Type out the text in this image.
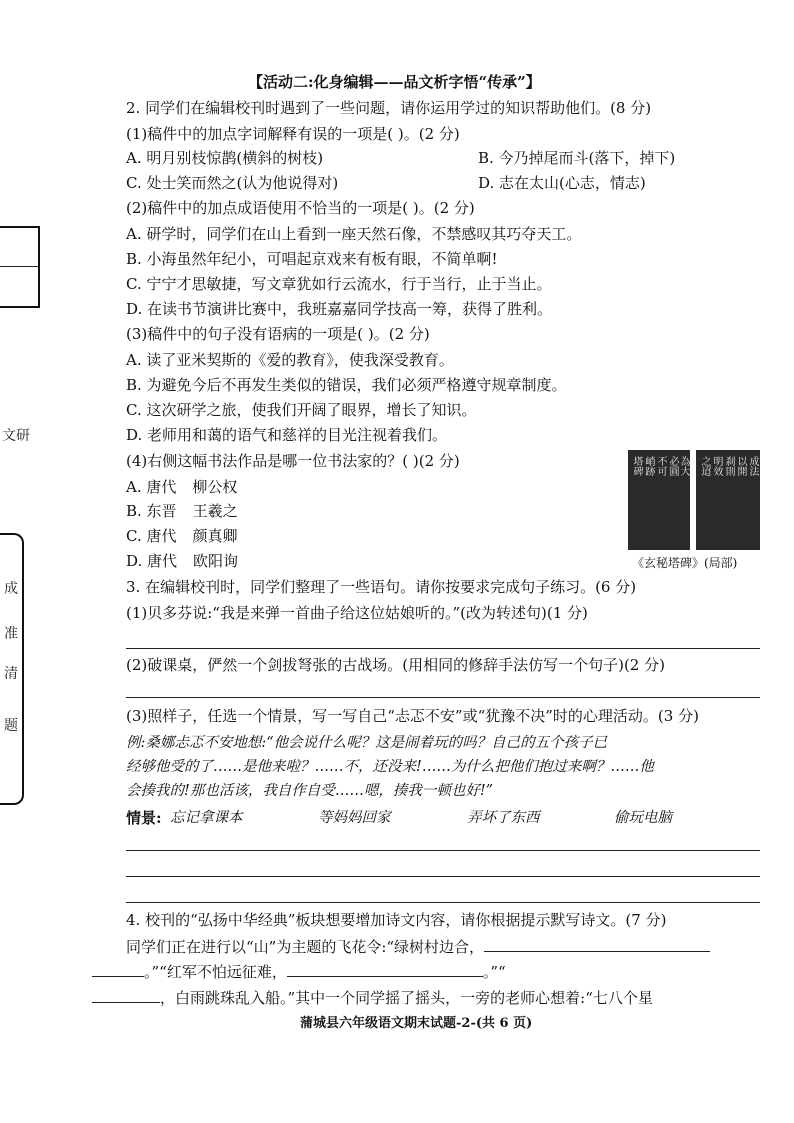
文研
成
准
清
题
【活动二:化身编辑——品文析字悟“传承”】
2. 同学们在编辑校刊时遇到了一些问题，请你运用学过的知识帮助他们。(8 分)
(1)稿件中的加点字词解释有误的一项是( )。(2 分)
A. 明月别枝惊鹊(横斜的树枝)	B. 今乃掉尾而斗(落下，掉下)
C. 处士笑而然之(认为他说得对)	D. 志在太山(心志，情志)
(2)稿件中的加点成语使用不恰当的一项是( )。(2 分)
A. 研学时，同学们在山上看到一座天然石像，不禁感叹其巧夺天工。
B. 小海虽然年纪小，可唱起京戏来有板有眼，不简单啊!
C. 宁宁才思敏捷，写文章犹如行云流水，行于当行，止于当止。
D. 在读书节演讲比赛中，我班嘉嘉同学技高一筹，获得了胜利。
(3)稿件中的句子没有语病的一项是( )。(2 分)
A. 读了亚米契斯的《爱的教育》，使我深受教育。
B. 为避免今后不再发生类似的错误，我们必须严格遵守规章制度。
C. 这次研学之旅，使我们开阔了眼界，增长了知识。
D. 老师用和蔼的语气和慈祥的目光注视着我们。
(4)右侧这幅书法作品是哪一位书法家的？( )(2 分)
A. 唐代 柳公权
B. 东晋 王羲之
C. 唐代 颜真卿
D. 唐代 欧阳询
塔碑 峭跡 不可 必圓 為大 之迢 明效 刹則 以開 成法
《玄秘塔碑》(局部)
3. 在编辑校刊时，同学们整理了一些语句。请你按要求完成句子练习。(6 分)
(1)贝多芬说:“我是来弹一首曲子给这位姑娘听的。”(改为转述句)(1 分)
(2)破课桌，俨然一个剑拔弩张的古战场。(用相同的修辞手法仿写一个句子)(2 分)
(3)照样子，任选一个情景，写一写自己“忐忑不安”或“犹豫不决”时的心理活动。(3 分)
例:桑娜忐忑不安地想:“他会说什么呢？这是闹着玩的吗？自己的五个孩子已
经够他受的了……是他来啦？……不，还没来!……为什么把他们抱过来啊？……他
会揍我的!那也活该，我自作自受……嗯，揍我一顿也好!”
情景: 忘记拿课本	等妈妈回家	弄坏了东西	偷玩电脑
4. 校刊的“弘扬中华经典”板块想要增加诗文内容，请你根据提示默写诗文。(7 分)
同学们正在进行以“山”为主题的飞花令:“绿树村边合，
。”“红军不怕远征难，	。”“
，白雨跳珠乱入船。”其中一个同学摇了摇头，一旁的老师心想着:“七八个星
蒲城县六年级语文期末试题-2-(共 6 页)
